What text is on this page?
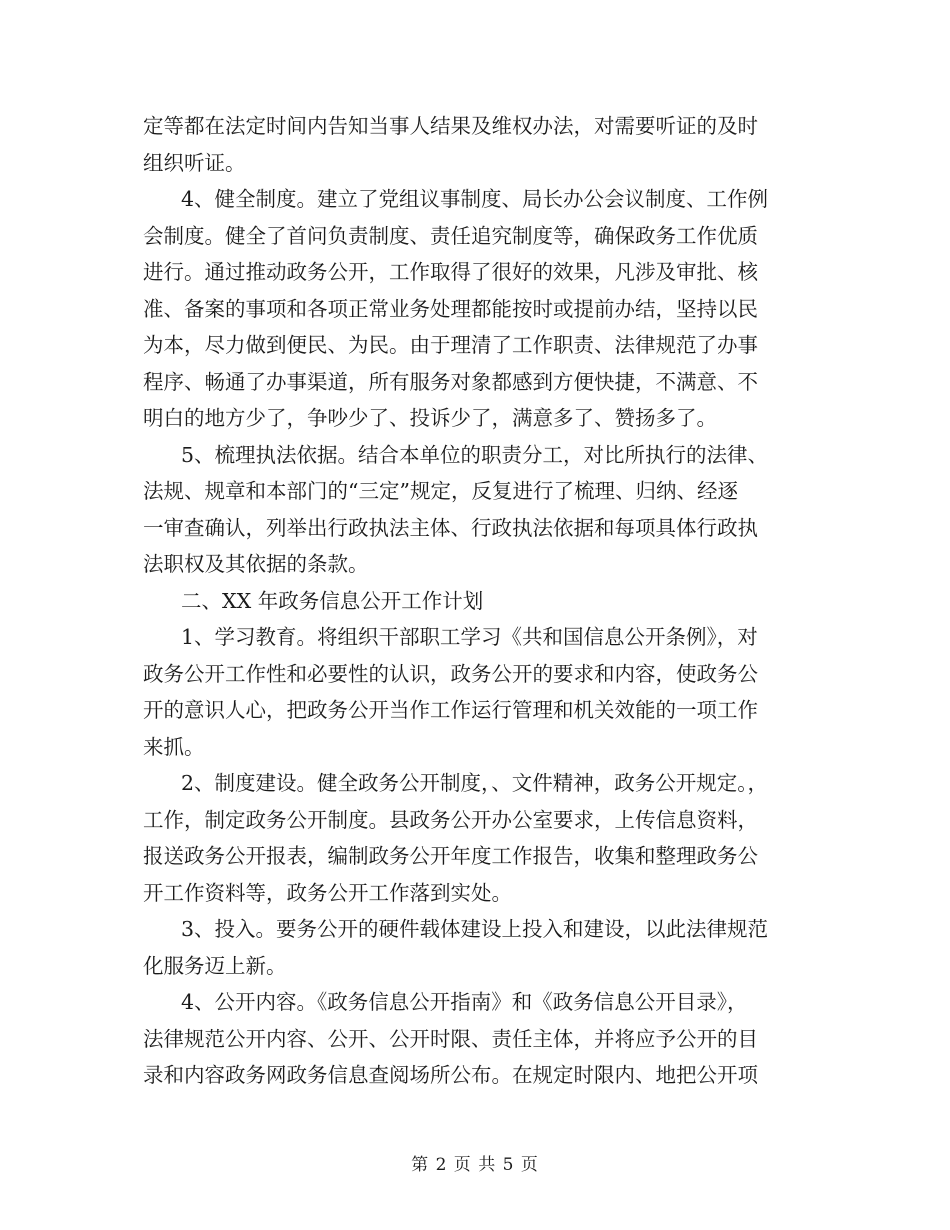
定等都在法定时间内告知当事人结果及维权办法，对需要听证的及时
组织听证。
4、健全制度。建立了党组议事制度、局长办公会议制度、工作例
会制度。健全了首问负责制度、责任追究制度等，确保政务工作优质
进行。通过推动政务公开，工作取得了很好的效果，凡涉及审批、核
准、备案的事项和各项正常业务处理都能按时或提前办结，坚持以民
为本，尽力做到便民、为民。由于理清了工作职责、法律规范了办事
程序、畅通了办事渠道，所有服务对象都感到方便快捷，不满意、不
明白的地方少了，争吵少了、投诉少了，满意多了、赞扬多了。
5、梳理执法依据。结合本单位的职责分工，对比所执行的法律、
法规、规章和本部门的“三定”规定，反复进行了梳理、归纳、经逐
一审查确认，列举出行政执法主体、行政执法依据和每项具体行政执
法职权及其依据的条款。
二、XX 年政务信息公开工作计划
1、学习教育。将组织干部职工学习《共和国信息公开条例》，对
政务公开工作性和必要性的认识，政务公开的要求和内容，使政务公
开的意识人心，把政务公开当作工作运行管理和机关效能的一项工作
来抓。
2、制度建设。健全政务公开制度，、文件精神，政务公开规定。，
工作，制定政务公开制度。县政务公开办公室要求，上传信息资料，
报送政务公开报表，编制政务公开年度工作报告，收集和整理政务公
开工作资料等，政务公开工作落到实处。
3、投入。要务公开的硬件载体建设上投入和建设，以此法律规范
化服务迈上新。
4、公开内容。《政务信息公开指南》和《政务信息公开目录》，
法律规范公开内容、公开、公开时限、责任主体，并将应予公开的目
录和内容政务网政务信息查阅场所公布。在规定时限内、地把公开项
第 2 页 共 5 页
